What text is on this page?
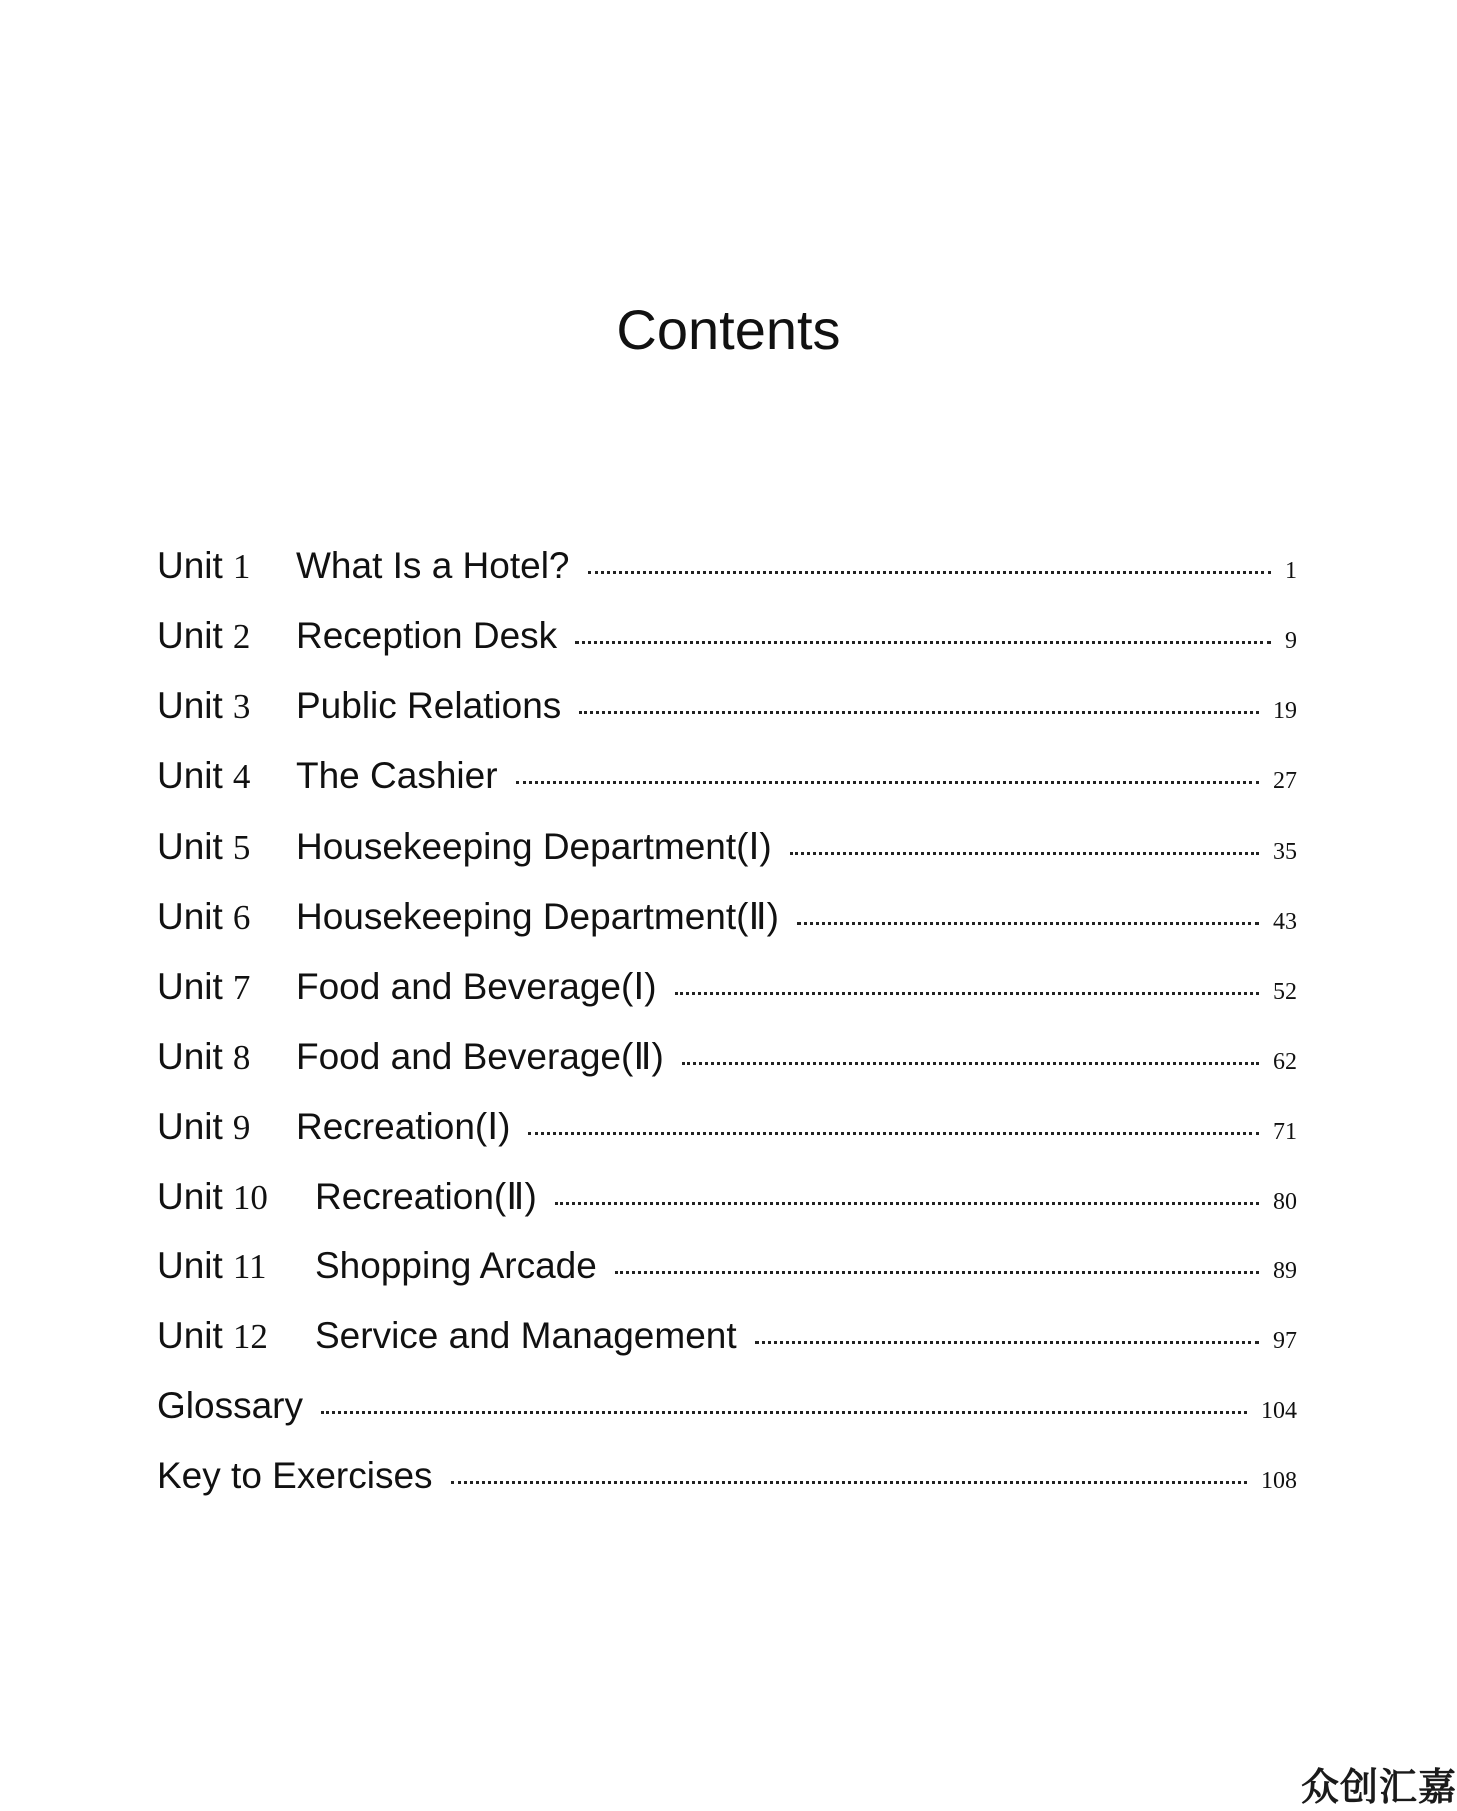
Contents
Unit 1	What Is a Hotel?	1
Unit 2	Reception Desk	9
Unit 3	Public Relations	19
Unit 4	The Cashier	27
Unit 5	Housekeeping Department(Ⅰ)	35
Unit 6	Housekeeping Department(Ⅱ)	43
Unit 7	Food and Beverage(Ⅰ)	52
Unit 8	Food and Beverage(Ⅱ)	62
Unit 9	Recreation(Ⅰ)	71
Unit 10	Recreation(Ⅱ)	80
Unit 11	Shopping Arcade	89
Unit 12	Service and Management	97
Glossary	104
Key to Exercises	108
众创汇嘉
